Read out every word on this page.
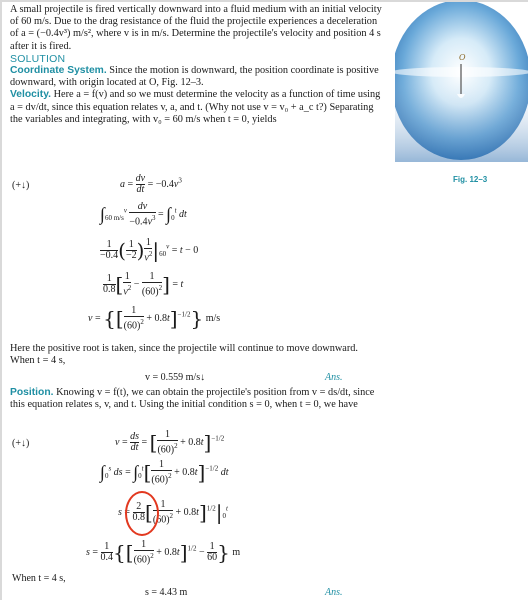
A small projectile is fired vertically downward into a fluid medium with an initial velocity of 60 m/s. Due to the drag resistance of the fluid the projectile experiences a deceleration of a = (−0.4v³) m/s², where v is in m/s. Determine the projectile's velocity and position 4 s after it is fired.

SOLUTION

Coordinate System. Since the motion is downward, the position coordinate is positive downward, with origin located at O, Fig. 12–3.

Velocity. Here a = f(v) and so we must determine the velocity as a function of time using a = dv/dt, since this equation relates v, a, and t. (Why not use v = v₀ + a_c t?) Separating the variables and integrating, with v₀ = 60 m/s when t = 0, yields

(+↓)	$a = \frac{dv}{dt} = -0.4v^3$
$\int_{60 m/s}^v \frac{dv}{-0.4v^3} = \int_0^t$ dt
$\frac{1}{-0.4}$ ( $\frac{1}{-2}$ ) $\frac{1}{v^2} |_{60}^v = t - 0$
$\frac{1}{0.8}$ [ $\frac{1}{v^2} - \frac{1}{(60)^2}$ ] = t
v = {[ $\frac{1}{(60)^2} + 0.8t]^{-1/2}$} m/s

Here the positive root is taken, since the projectile will continue to move downward. When t = 4 s,

v = 0.559 m/s↓	Ans.

Position. Knowing v = f(t), we can obtain the projectile's position from v = ds/dt, since this equation relates s, v, and t. Using the initial condition s = 0, when t = 0, we have

(+↓)	$v = \frac{ds}{dt}$ = [ $\frac{1}{(60)^2} + 0.8t]^{-1/2}$
$\int_0^s$ ds = $\int_0^t[ \frac{1}{(60)^2} + 0.8t]^{-1/2}$ dt
$s = \frac{2}{0.8}$ [ $\frac{1}{(60)^2} + 0.8t]^{1/2}|_0^t$
$s = \frac{1}{0.4}$ {[ $\frac{1}{(60)^2} + 0.8t]^{1/2} - \frac{1}{60}$ } m
When t = 4 s,
s = 4.43 m	Ans.
O
Fig. 12–3
